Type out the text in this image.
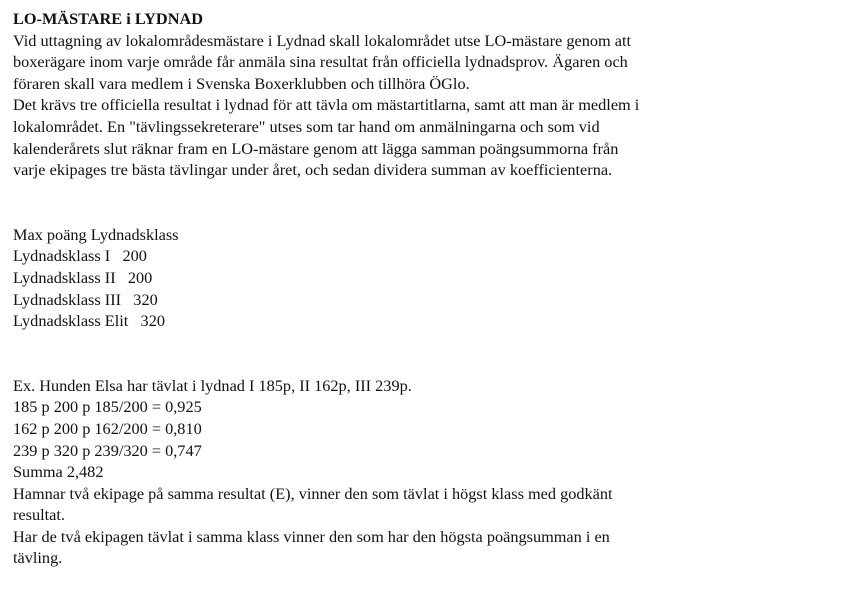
LO-MÄSTARE i LYDNAD
Vid uttagning av lokalområdesmästare i Lydnad skall lokalområdet utse LO-mästare genom att
boxerägare inom varje område får anmäla sina resultat från officiella lydnadsprov. Ägaren och
föraren skall vara medlem i Svenska Boxerklubben och tillhöra ÖGlo.
Det krävs tre officiella resultat i lydnad för att tävla om mästartitlarna, samt att man är medlem i
lokalområdet. En "tävlingssekreterare" utses som tar hand om anmälningarna och som vid
kalenderårets slut räknar fram en LO-mästare genom att lägga samman poängsummorna från
varje ekipages tre bästa tävlingar under året, och sedan dividera summan av koefficienterna.
Max poäng Lydnadsklass
Lydnadsklass I 200
Lydnadsklass II 200
Lydnadsklass III 320
Lydnadsklass Elit 320
Ex. Hunden Elsa har tävlat i lydnad I 185p, II 162p, III 239p.
185 p 200 p 185/200 = 0,925
162 p 200 p 162/200 = 0,810
239 p 320 p 239/320 = 0,747
Summa 2,482
Hamnar två ekipage på samma resultat (E), vinner den som tävlat i högst klass med godkänt
resultat.
Har de två ekipagen tävlat i samma klass vinner den som har den högsta poängsumman i en
tävling.
